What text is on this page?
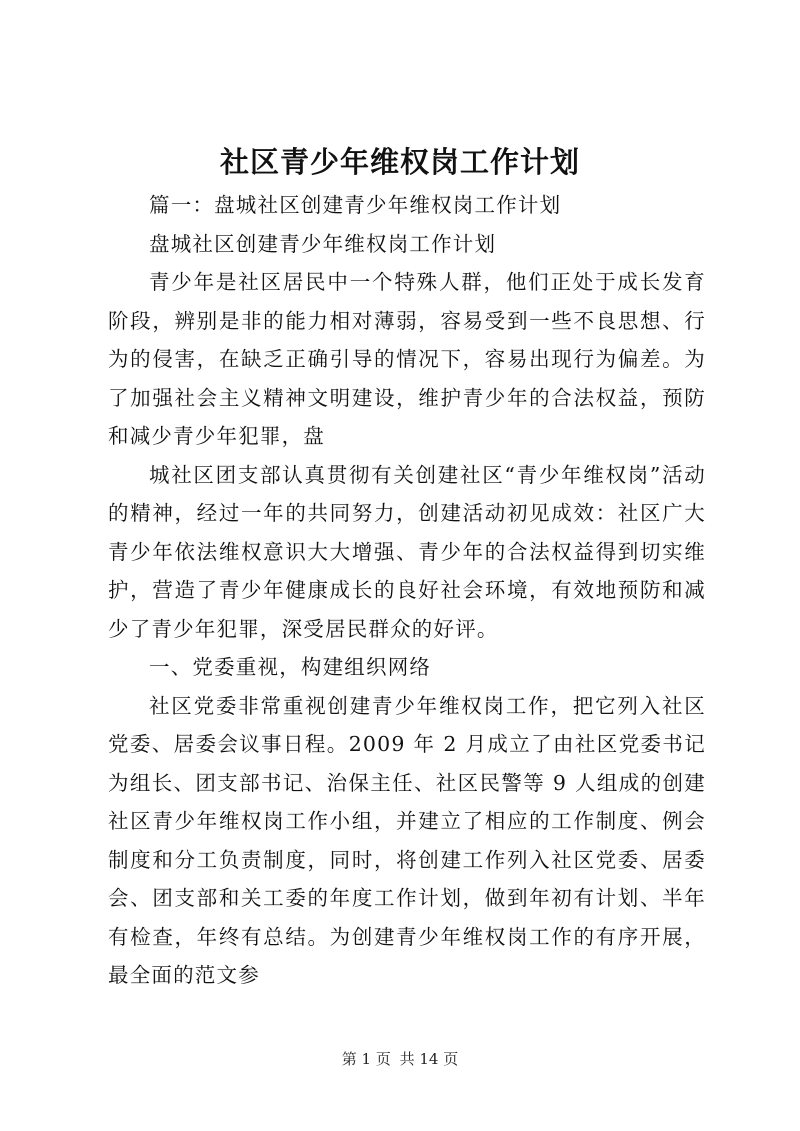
社区青少年维权岗工作计划

篇一：盘城社区创建青少年维权岗工作计划

盘城社区创建青少年维权岗工作计划

青少年是社区居民中一个特殊人群，他们正处于成长发育阶段，辨别是非的能力相对薄弱，容易受到一些不良思想、行为的侵害，在缺乏正确引导的情况下，容易出现行为偏差。为了加强社会主义精神文明建设，维护青少年的合法权益，预防和减少青少年犯罪，盘

城社区团支部认真贯彻有关创建社区“青少年维权岗”活动的精神，经过一年的共同努力，创建活动初见成效：社区广大青少年依法维权意识大大增强、青少年的合法权益得到切实维护，营造了青少年健康成长的良好社会环境，有效地预防和减少了青少年犯罪，深受居民群众的好评。

一、党委重视，构建组织网络

社区党委非常重视创建青少年维权岗工作，把它列入社区党委、居委会议事日程。2009 年 2 月成立了由社区党委书记为组长、团支部书记、治保主任、社区民警等 9 人组成的创建社区青少年维权岗工作小组，并建立了相应的工作制度、例会制度和分工负责制度，同时，将创建工作列入社区党委、居委会、团支部和关工委的年度工作计划，做到年初有计划、半年有检查，年终有总结。为创建青少年维权岗工作的有序开展，最全面的范文参

第 1 页 共 14 页
